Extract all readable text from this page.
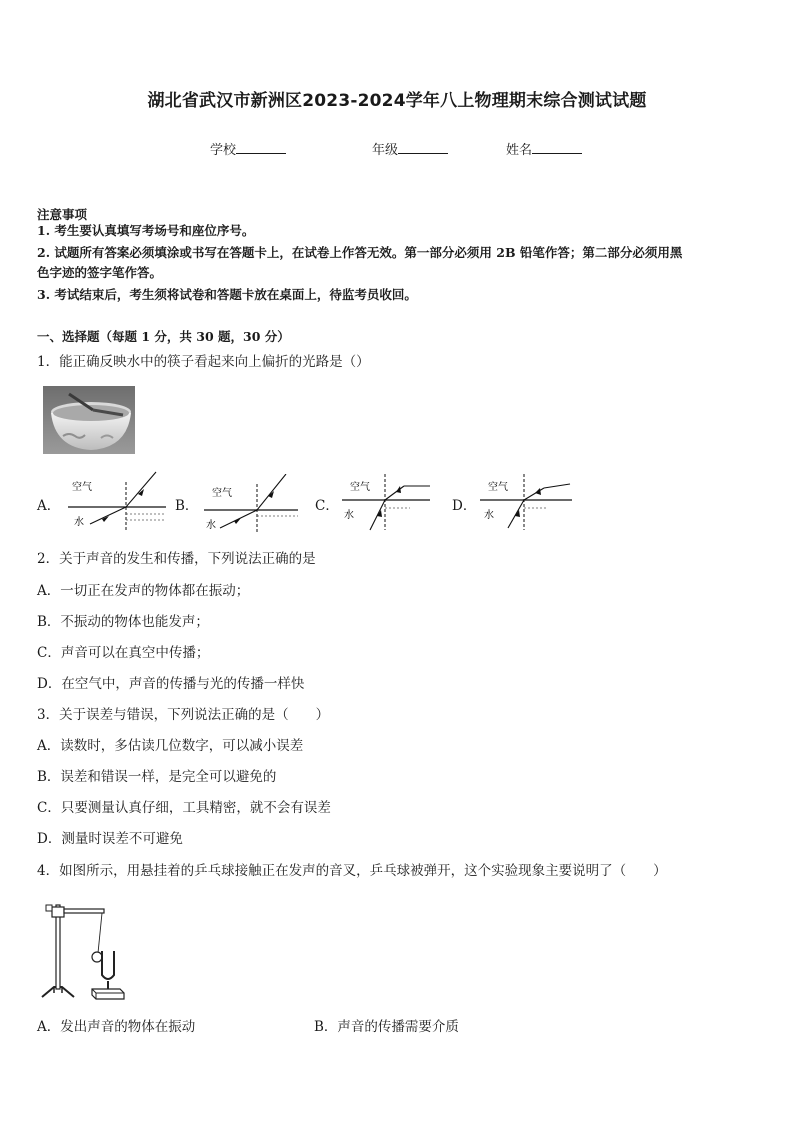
湖北省武汉市新洲区2023-2024学年八上物理期末综合测试试题
学校	年级	姓名
注意事项
1. 考生要认真填写考场号和座位序号。
2. 试题所有答案必须填涂或书写在答题卡上，在试卷上作答无效。第一部分必须用 2B 铅笔作答；第二部分必须用黑
色字迹的签字笔作答。
3. 考试结束后，考生须将试卷和答题卡放在桌面上，待监考员收回。
一、选择题（每题 1 分，共 30 题，30 分）
1．能正确反映水中的筷子看起来向上偏折的光路是（）
A．	B．	C．	D．
空气
水
空气
水
空气
水
空气
水
2．关于声音的发生和传播，下列说法正确的是
A．一切正在发声的物体都在振动；
B．不振动的物体也能发声；
C．声音可以在真空中传播；
D．在空气中，声音的传播与光的传播一样快
3．关于误差与错误，下列说法正确的是（　　）
A．读数时，多估读几位数字，可以减小误差
B．误差和错误一样，是完全可以避免的
C．只要测量认真仔细，工具精密，就不会有误差
D．测量时误差不可避免
4．如图所示，用悬挂着的乒乓球接触正在发声的音叉，乒乓球被弹开，这个实验现象主要说明了（　　）
A．发出声音的物体在振动	B．声音的传播需要介质
